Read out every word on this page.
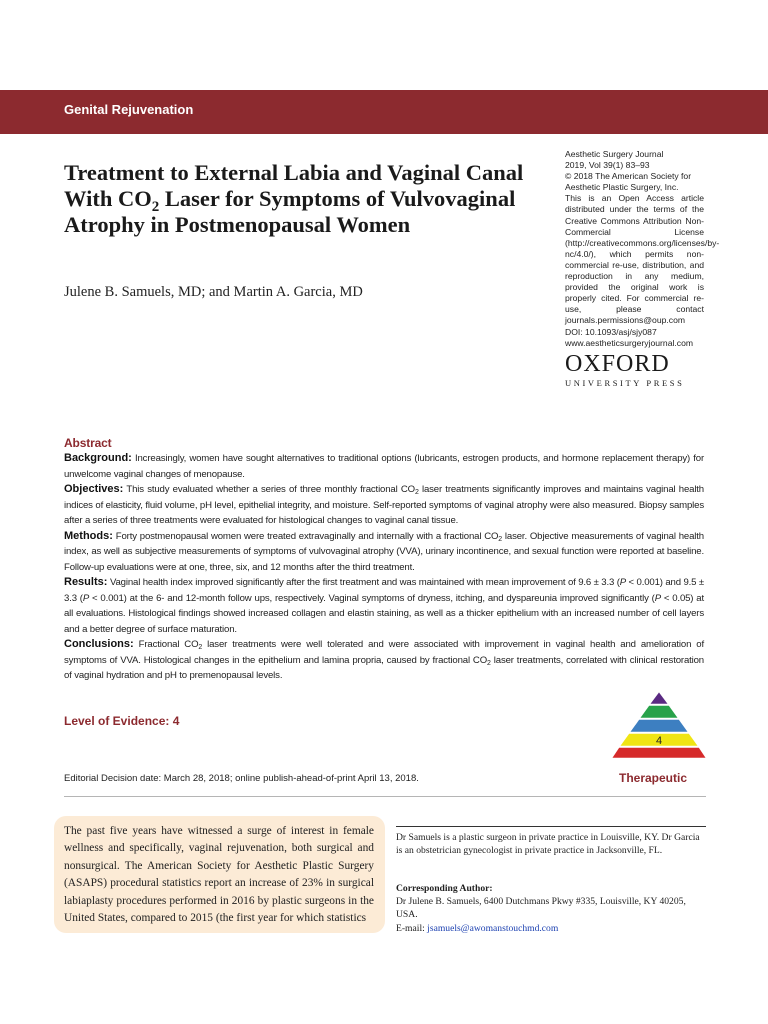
Genital Rejuvenation
Treatment to External Labia and Vaginal Canal With $CO_2$ Laser for Symptoms of Vulvovaginal Atrophy in Postmenopausal Women
Julene B. Samuels, MD; and Martin A. Garcia, MD
Aesthetic Surgery Journal
2019, Vol 39(1) 83–93
© 2018 The American Society for
Aesthetic Plastic Surgery, Inc.
This is an Open Access article distributed under the terms of the Creative Commons Attribution Non-Commercial License (http://creativecommons.org/licenses/by-nc/4.0/), which permits non-commercial re-use, distribution, and reproduction in any medium, provided the original work is properly cited. For commercial re-use, please contact journals.permissions@oup.com
DOI: 10.1093/asj/sjy087
www.aestheticsurgeryjournal.com
OXFORD
UNIVERSITY PRESS
Abstract

Background: Increasingly, women have sought alternatives to traditional options (lubricants, estrogen products, and hormone replacement therapy) for unwelcome vaginal changes of menopause.

Objectives: This study evaluated whether a series of three monthly fractional $CO_2$ laser treatments significantly improves and maintains vaginal health indices of elasticity, fluid volume, pH level, epithelial integrity, and moisture. Self-reported symptoms of vaginal atrophy were also measured. Biopsy samples after a series of three treatments were evaluated for histological changes to vaginal canal tissue.

Methods: Forty postmenopausal women were treated extravaginally and internally with a fractional $CO_2$ laser. Objective measurements of vaginal health index, as well as subjective measurements of symptoms of vulvovaginal atrophy (VVA), urinary incontinence, and sexual function were reported at baseline. Follow-up evaluations were at one, three, six, and 12 months after the third treatment.

Results: Vaginal health index improved significantly after the first treatment and was maintained with mean improvement of 9.6 ± 3.3 (P < 0.001) and 9.5 ± 3.3 (P < 0.001) at the 6- and 12-month follow ups, respectively. Vaginal symptoms of dryness, itching, and dyspareunia improved significantly (P < 0.05) at all evaluations. Histological findings showed increased collagen and elastin staining, as well as a thicker epithelium with an increased number of cell layers and a better degree of surface maturation.

Conclusions: Fractional $CO_2$ laser treatments were well tolerated and were associated with improvement in vaginal health and amelioration of symptoms of VVA. Histological changes in the epithelium and lamina propria, caused by fractional $CO_2$ laser treatments, correlated with clinical restoration of vaginal hydration and pH to premenopausal levels.

Level of Evidence: 4
4
Therapeutic
Editorial Decision date: March 28, 2018; online publish-ahead-of-print April 13, 2018.

The past five years have witnessed a surge of interest in female wellness and specifically, vaginal rejuvenation, both surgical and nonsurgical. The American Society for Aesthetic Plastic Surgery (ASAPS) procedural statistics report an increase of 23% in surgical labiaplasty procedures performed in 2016 by plastic surgeons in the United States, compared to 2015 (the first year for which statistics

Dr Samuels is a plastic surgeon in private practice in Louisville, KY. Dr Garcia is an obstetrician gynecologist in private practice in Jacksonville, FL.

Corresponding Author:
Dr Julene B. Samuels, 6400 Dutchmans Pkwy #335, Louisville, KY 40205, USA.
E-mail: jsamuels@awomanstouchmd.com
